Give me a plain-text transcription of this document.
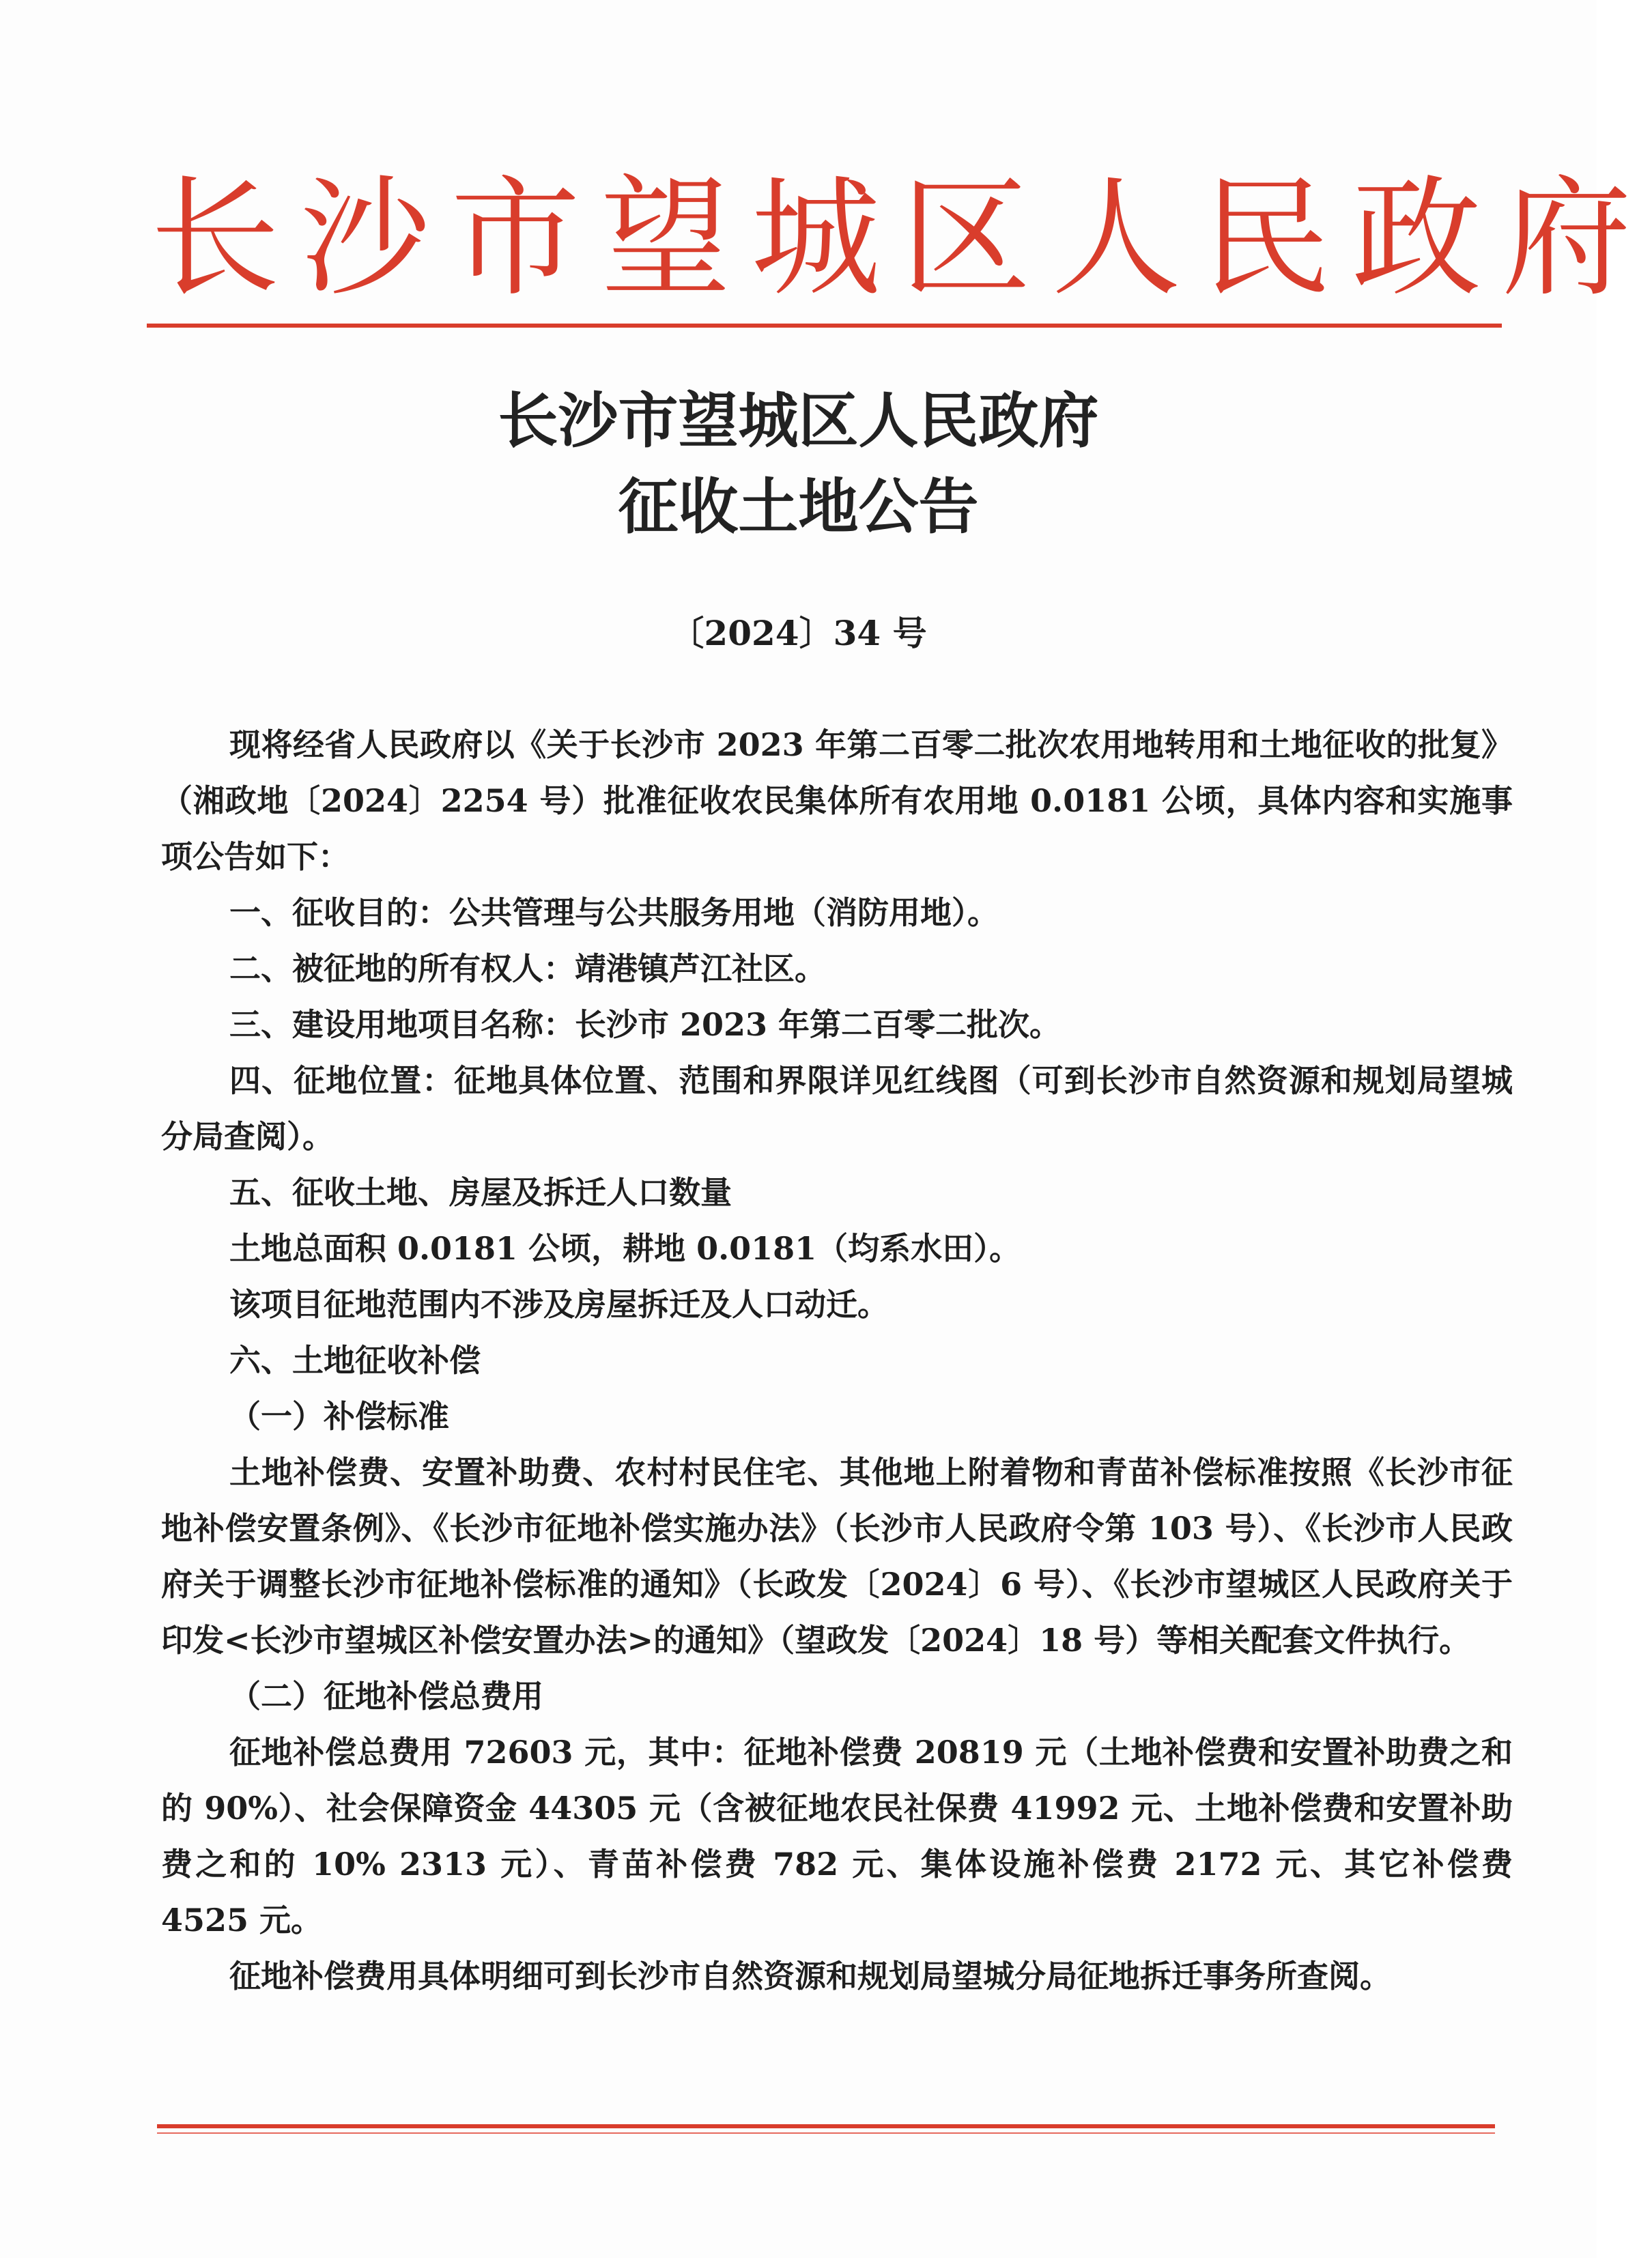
长沙市望城区人民政府
长沙市望城区人民政府
征收土地公告
〔2024〕34 号

现将经省人民政府以《关于长沙市 2023 年第二百零二批次农用地转用和土地征收的批复》（湘政地〔2024〕2254 号）批准征收农民集体所有农用地 0.0181 公顷，具体内容和实施事项公告如下：

一、征收目的：公共管理与公共服务用地（消防用地）。

二、被征地的所有权人：靖港镇芦江社区。

三、建设用地项目名称：长沙市 2023 年第二百零二批次。

四、征地位置：征地具体位置、范围和界限详见红线图（可到长沙市自然资源和规划局望城分局查阅）。

五、征收土地、房屋及拆迁人口数量

土地总面积 0.0181 公顷，耕地 0.0181（均系水田）。

该项目征地范围内不涉及房屋拆迁及人口动迁。

六、土地征收补偿

（一）补偿标准

土地补偿费、安置补助费、农村村民住宅、其他地上附着物和青苗补偿标准按照《长沙市征地补偿安置条例》、《长沙市征地补偿实施办法》（长沙市人民政府令第 103 号）、《长沙市人民政府关于调整长沙市征地补偿标准的通知》（长政发〔2024〕6 号）、《长沙市望城区人民政府关于印发<长沙市望城区补偿安置办法>的通知》（望政发〔2024〕18 号）等相关配套文件执行。

（二）征地补偿总费用

征地补偿总费用 72603 元，其中：征地补偿费 20819 元（土地补偿费和安置补助费之和的 90%）、社会保障资金 44305 元（含被征地农民社保费 41992 元、土地补偿费和安置补助费之和的 10% 2313 元）、青苗补偿费 782 元、集体设施补偿费 2172 元、其它补偿费 4525 元。

征地补偿费用具体明细可到长沙市自然资源和规划局望城分局征地拆迁事务所查阅。
